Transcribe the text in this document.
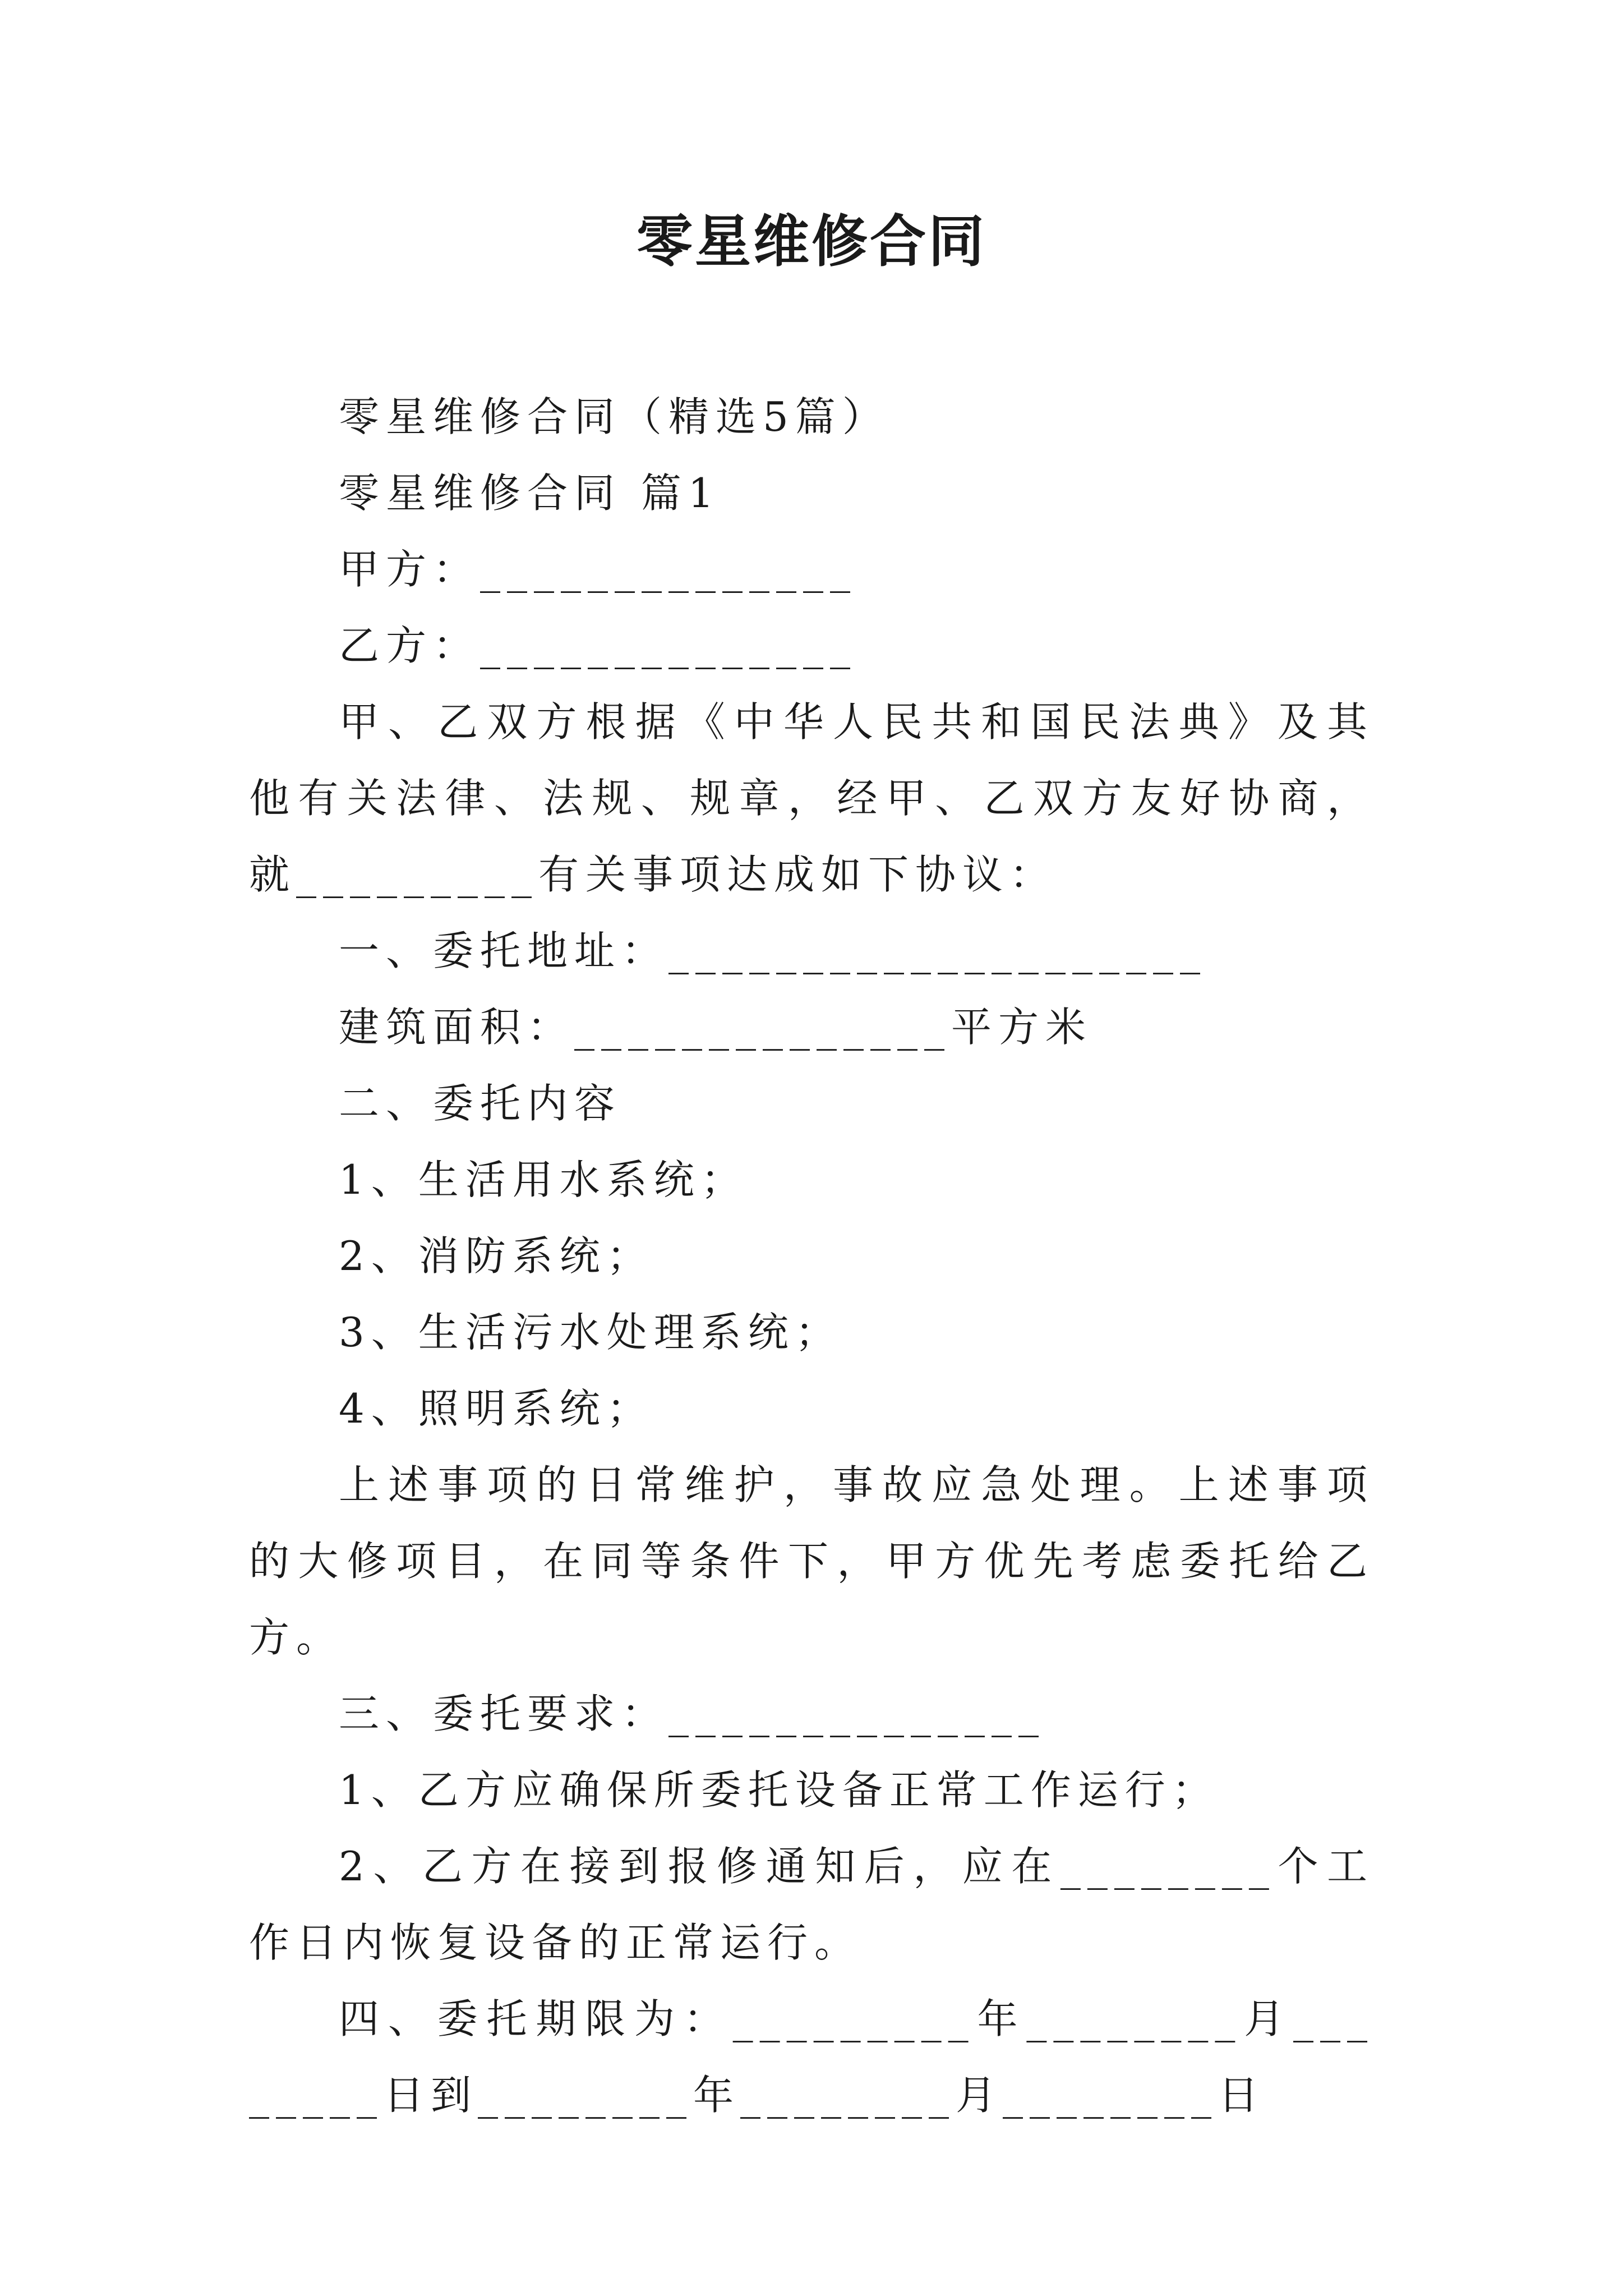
零星维修合同

零星维修合同（精选5篇）

零星维修合同 篇1

甲方：______________

乙方：______________

甲、乙双方根据《中华人民共和国民法典》及其他有关法律、法规、规章，经甲、乙双方友好协商，就_________有关事项达成如下协议：

一、委托地址：____________________

建筑面积：______________平方米

二、委托内容

1、生活用水系统；

2、消防系统；

3、生活污水处理系统；

4、照明系统；

上述事项的日常维护，事故应急处理。上述事项的大修项目，在同等条件下，甲方优先考虑委托给乙方。

三、委托要求：______________

1、乙方应确保所委托设备正常工作运行；

2、乙方在接到报修通知后，应在________个工作日内恢复设备的正常运行。

四、委托期限为：_________年________月________日到________年________月________日
